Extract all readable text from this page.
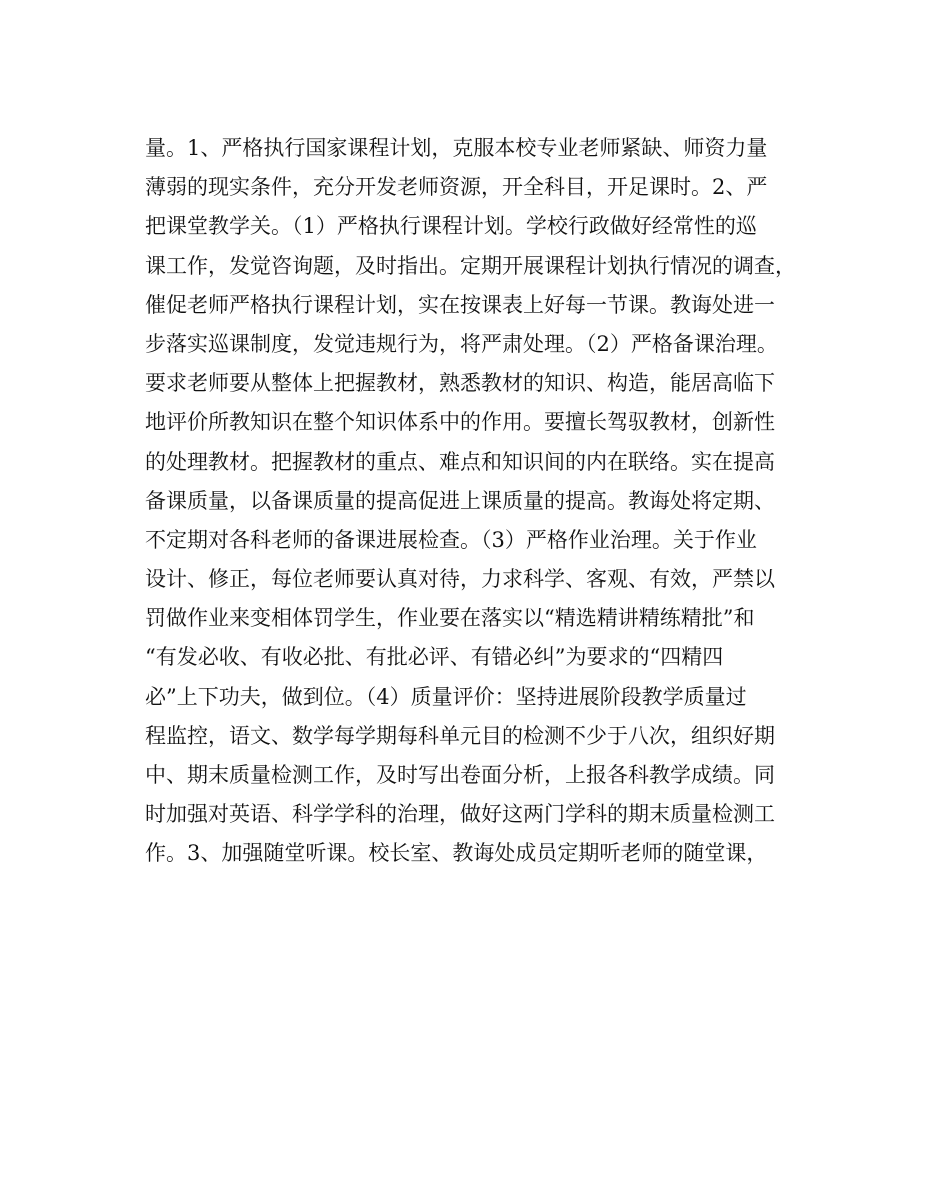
量。1、严格执行国家课程计划，克服本校专业老师紧缺、师资力量
薄弱的现实条件，充分开发老师资源，开全科目，开足课时。2、严
把课堂教学关。（1）严格执行课程计划。学校行政做好经常性的巡
课工作，发觉咨询题，及时指出。定期开展课程计划执行情况的调查，
催促老师严格执行课程计划，实在按课表上好每一节课。教诲处进一
步落实巡课制度，发觉违规行为，将严肃处理。（2）严格备课治理。
要求老师要从整体上把握教材，熟悉教材的知识、构造，能居高临下
地评价所教知识在整个知识体系中的作用。要擅长驾驭教材，创新性
的处理教材。把握教材的重点、难点和知识间的内在联络。实在提高
备课质量，以备课质量的提高促进上课质量的提高。教诲处将定期、
不定期对各科老师的备课进展检查。（3）严格作业治理。关于作业
设计、修正，每位老师要认真对待，力求科学、客观、有效，严禁以
罚做作业来变相体罚学生，作业要在落实以“精选精讲精练精批”和
“有发必收、有收必批、有批必评、有错必纠”为要求的“四精四
必”上下功夫，做到位。（4）质量评价：坚持进展阶段教学质量过
程监控，语文、数学每学期每科单元目的检测不少于八次，组织好期
中、期末质量检测工作，及时写出卷面分析，上报各科教学成绩。同
时加强对英语、科学学科的治理，做好这两门学科的期末质量检测工
作。3、加强随堂听课。校长室、教诲处成员定期听老师的随堂课，
